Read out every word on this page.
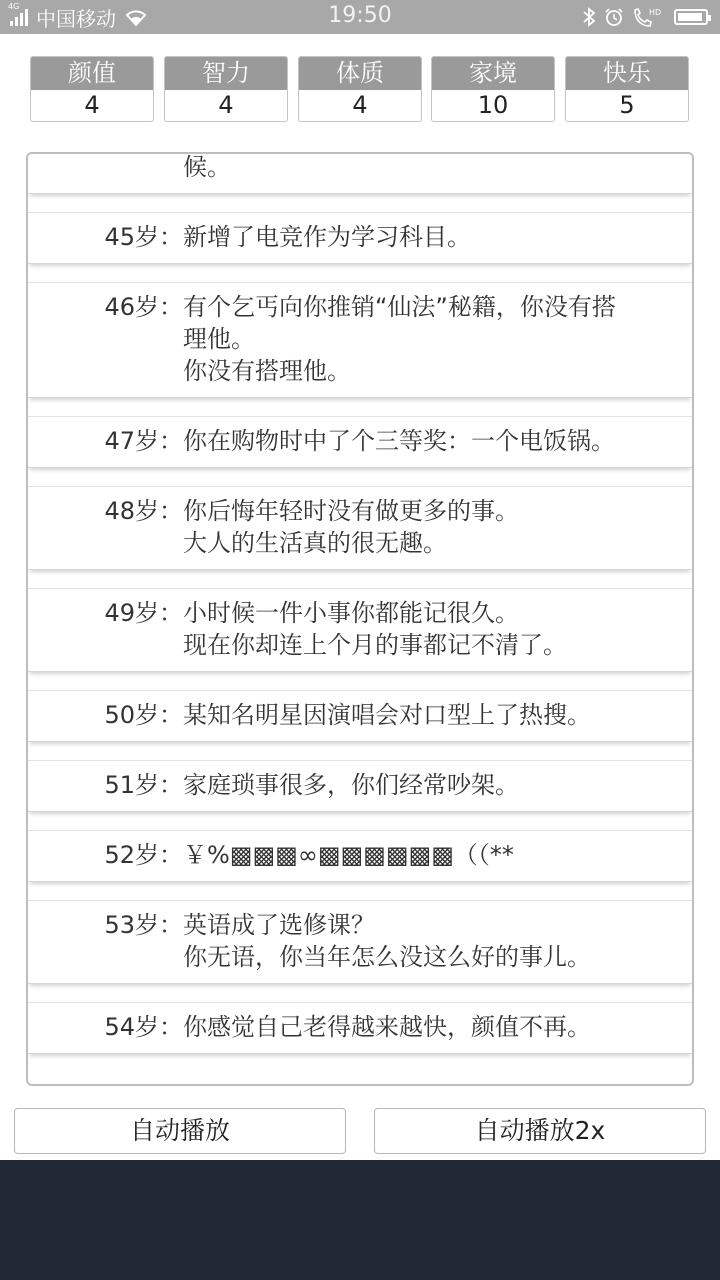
4G 中国移动	19:50	HD
颜值
4
智力
4
体质
4
家境
10
快乐
5
候。
45岁： 新增了电竞作为学习科目。
46岁： 有个乞丐向你推销“仙法”秘籍，你没有搭
理他。
你没有搭理他。
47岁： 你在购物时中了个三等奖：一个电饭锅。
48岁： 你后悔年轻时没有做更多的事。
大人的生活真的很无趣。
49岁： 小时候一件小事你都能记很久。
现在你却连上个月的事都记不清了。
50岁： 某知名明星因演唱会对口型上了热搜。
51岁： 家庭琐事很多，你们经常吵架。
52岁： ￥%▩▩▩∞▩▩▩▩▩▩（（**
53岁： 英语成了选修课？
你无语，你当年怎么没这么好的事儿。
54岁： 你感觉自己老得越来越快，颜值不再。
自动播放	自动播放2x
